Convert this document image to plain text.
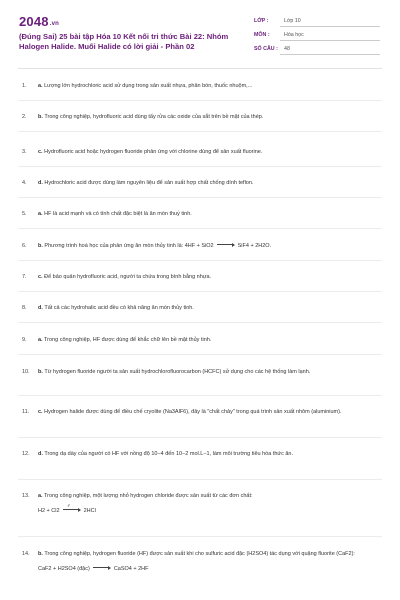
2048.vn
(Đúng Sai) 25 bài tập Hóa 10 Kết nối tri thức Bài 22: Nhóm Halogen Halide. Muối Halide có lời giải - Phần 02
LỚP :	Lớp 10
MÔN :	Hóa học
SỐ CÂU : 48
1.	a. Lượng lớn hydrochloric acid sử dụng trong sản xuất nhựa, phân bón, thuốc nhuộm,...
2.	b. Trong công nghiệp, hydrofluoric acid dùng tẩy rửa các oxide của sắt trên bề mặt của thép.
3.	c. Hydrofluoric acid hoặc hydrogen fluoride phản ứng với chlorine dùng để sản xuất fluorine.
4.	d. Hydrochloric acid được dùng làm nguyên liệu để sản xuất hợp chất chống dính teflon.
5.	a. HF là acid mạnh và có tính chất đặc biệt là ăn mòn thuỷ tinh.
6.	b. Phương trình hoá học của phản ứng ăn mòn thủy tinh là: 4HF + SiO2	SiF4 + 2H2O.
7.	c. Để bảo quản hydrofluoric acid, người ta chứa trong bình bằng nhựa.
8.	d. Tất cả các hydrohalic acid đều có khả năng ăn mòn thủy tinh.
9.	a. Trong công nghiệp, HF được dùng để khắc chữ lên bề mặt thủy tinh.
10.	b. Từ hydrogen fluoride người ta sản xuất hydrochlorofluorocarbon (HCFC) sử dụng cho các hệ thống làm lạnh.
11.	c. Hydrogen halide được dùng để điều chế cryolite (Na3AlF6), đây là "chất chảy" trong quá trình sản xuất nhôm (aluminium).
12.	d. Trong dạ dày của người có HF với nồng độ 10−4 đến 10−2 mol.L−1, làm môi trường tiêu hóa thức ăn.
13.	a. Trong công nghiệp, một lượng nhỏ hydrogen chloride được sản xuất từ các đơn chất:
H2 + Cl2
t°
2HCl
14.	b. Trong công nghiệp, hydrogen fluoride (HF) được sản xuất khi cho sulfuric acid đặc (H2SO4) tác dụng với quặng fluorite (CaF2):
CaF2 + H2SO4 (đặc)	CaSO4 + 2HF
